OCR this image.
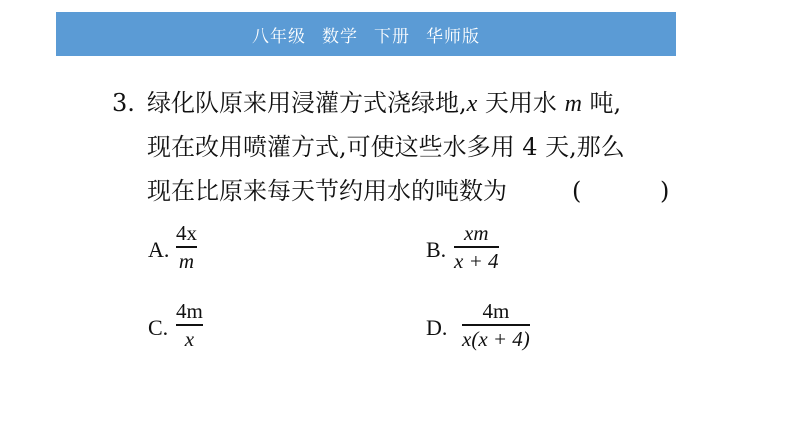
八年级 数学 下册 华师版
3. 绿化队原来用浸灌方式浇绿地,x 天用水 m 吨,
现在改用喷灌方式,可使这些水多用 4 天,那么
现在比原来每天节约用水的吨数为	(	)
A.
4x
m	B.
xm
x + 4
C.
4m
x	D.
4m
x(x + 4)
